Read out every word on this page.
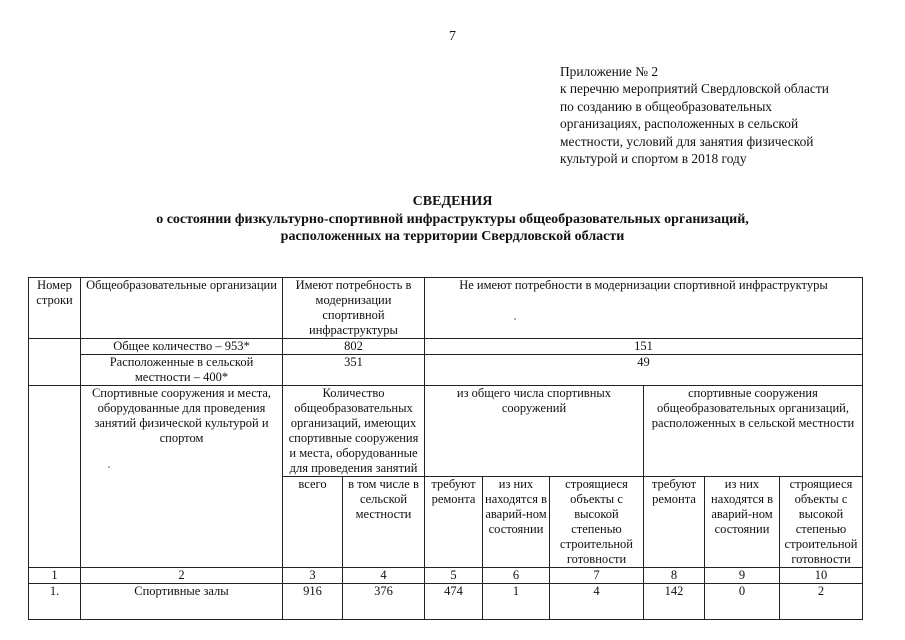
7
Приложение № 2
к перечню мероприятий Свердловской области
по созданию в общеобразовательных
организациях, расположенных в сельской
местности, условий для занятия физической
культурой и спортом в 2018 году
СВЕДЕНИЯ
о состоянии физкультурно-спортивной инфраструктуры общеобразовательных организаций,
расположенных на территории Свердловской области
Номер строки	Общеобразовательные организации	Имеют потребность в модернизации спортивной инфраструктуры		Не имеют потребности в модернизации спортивной инфраструктуры					
	Общее количество – 953*	802		151					
	Расположенные в сельской местности – 400*	351		49					
	Спортивные сооружения и места, оборудованные для проведения занятий физической культурой и спортом	Количество общеобразовательных организаций, имеющих спортивные сооружения и места, оборудованные для проведения занятий		из общего числа спортивных сооружений			спортивные сооружения общеобразовательных организаций, расположенных в сельской местности		
		всего	в том числе в сельской местности	требуют ремонта	из них находятся в аварий-ном состоянии	строящиеся объекты с высокой степенью строительной готовности	требуют ремонта	из них находятся в аварий-ном состоянии	строящиеся объекты с высокой степенью строительной готовности
1	2	3	4	5	6	7	8	9	10
1.	Спортивные залы	916	376	474	1	4	142	0	2
